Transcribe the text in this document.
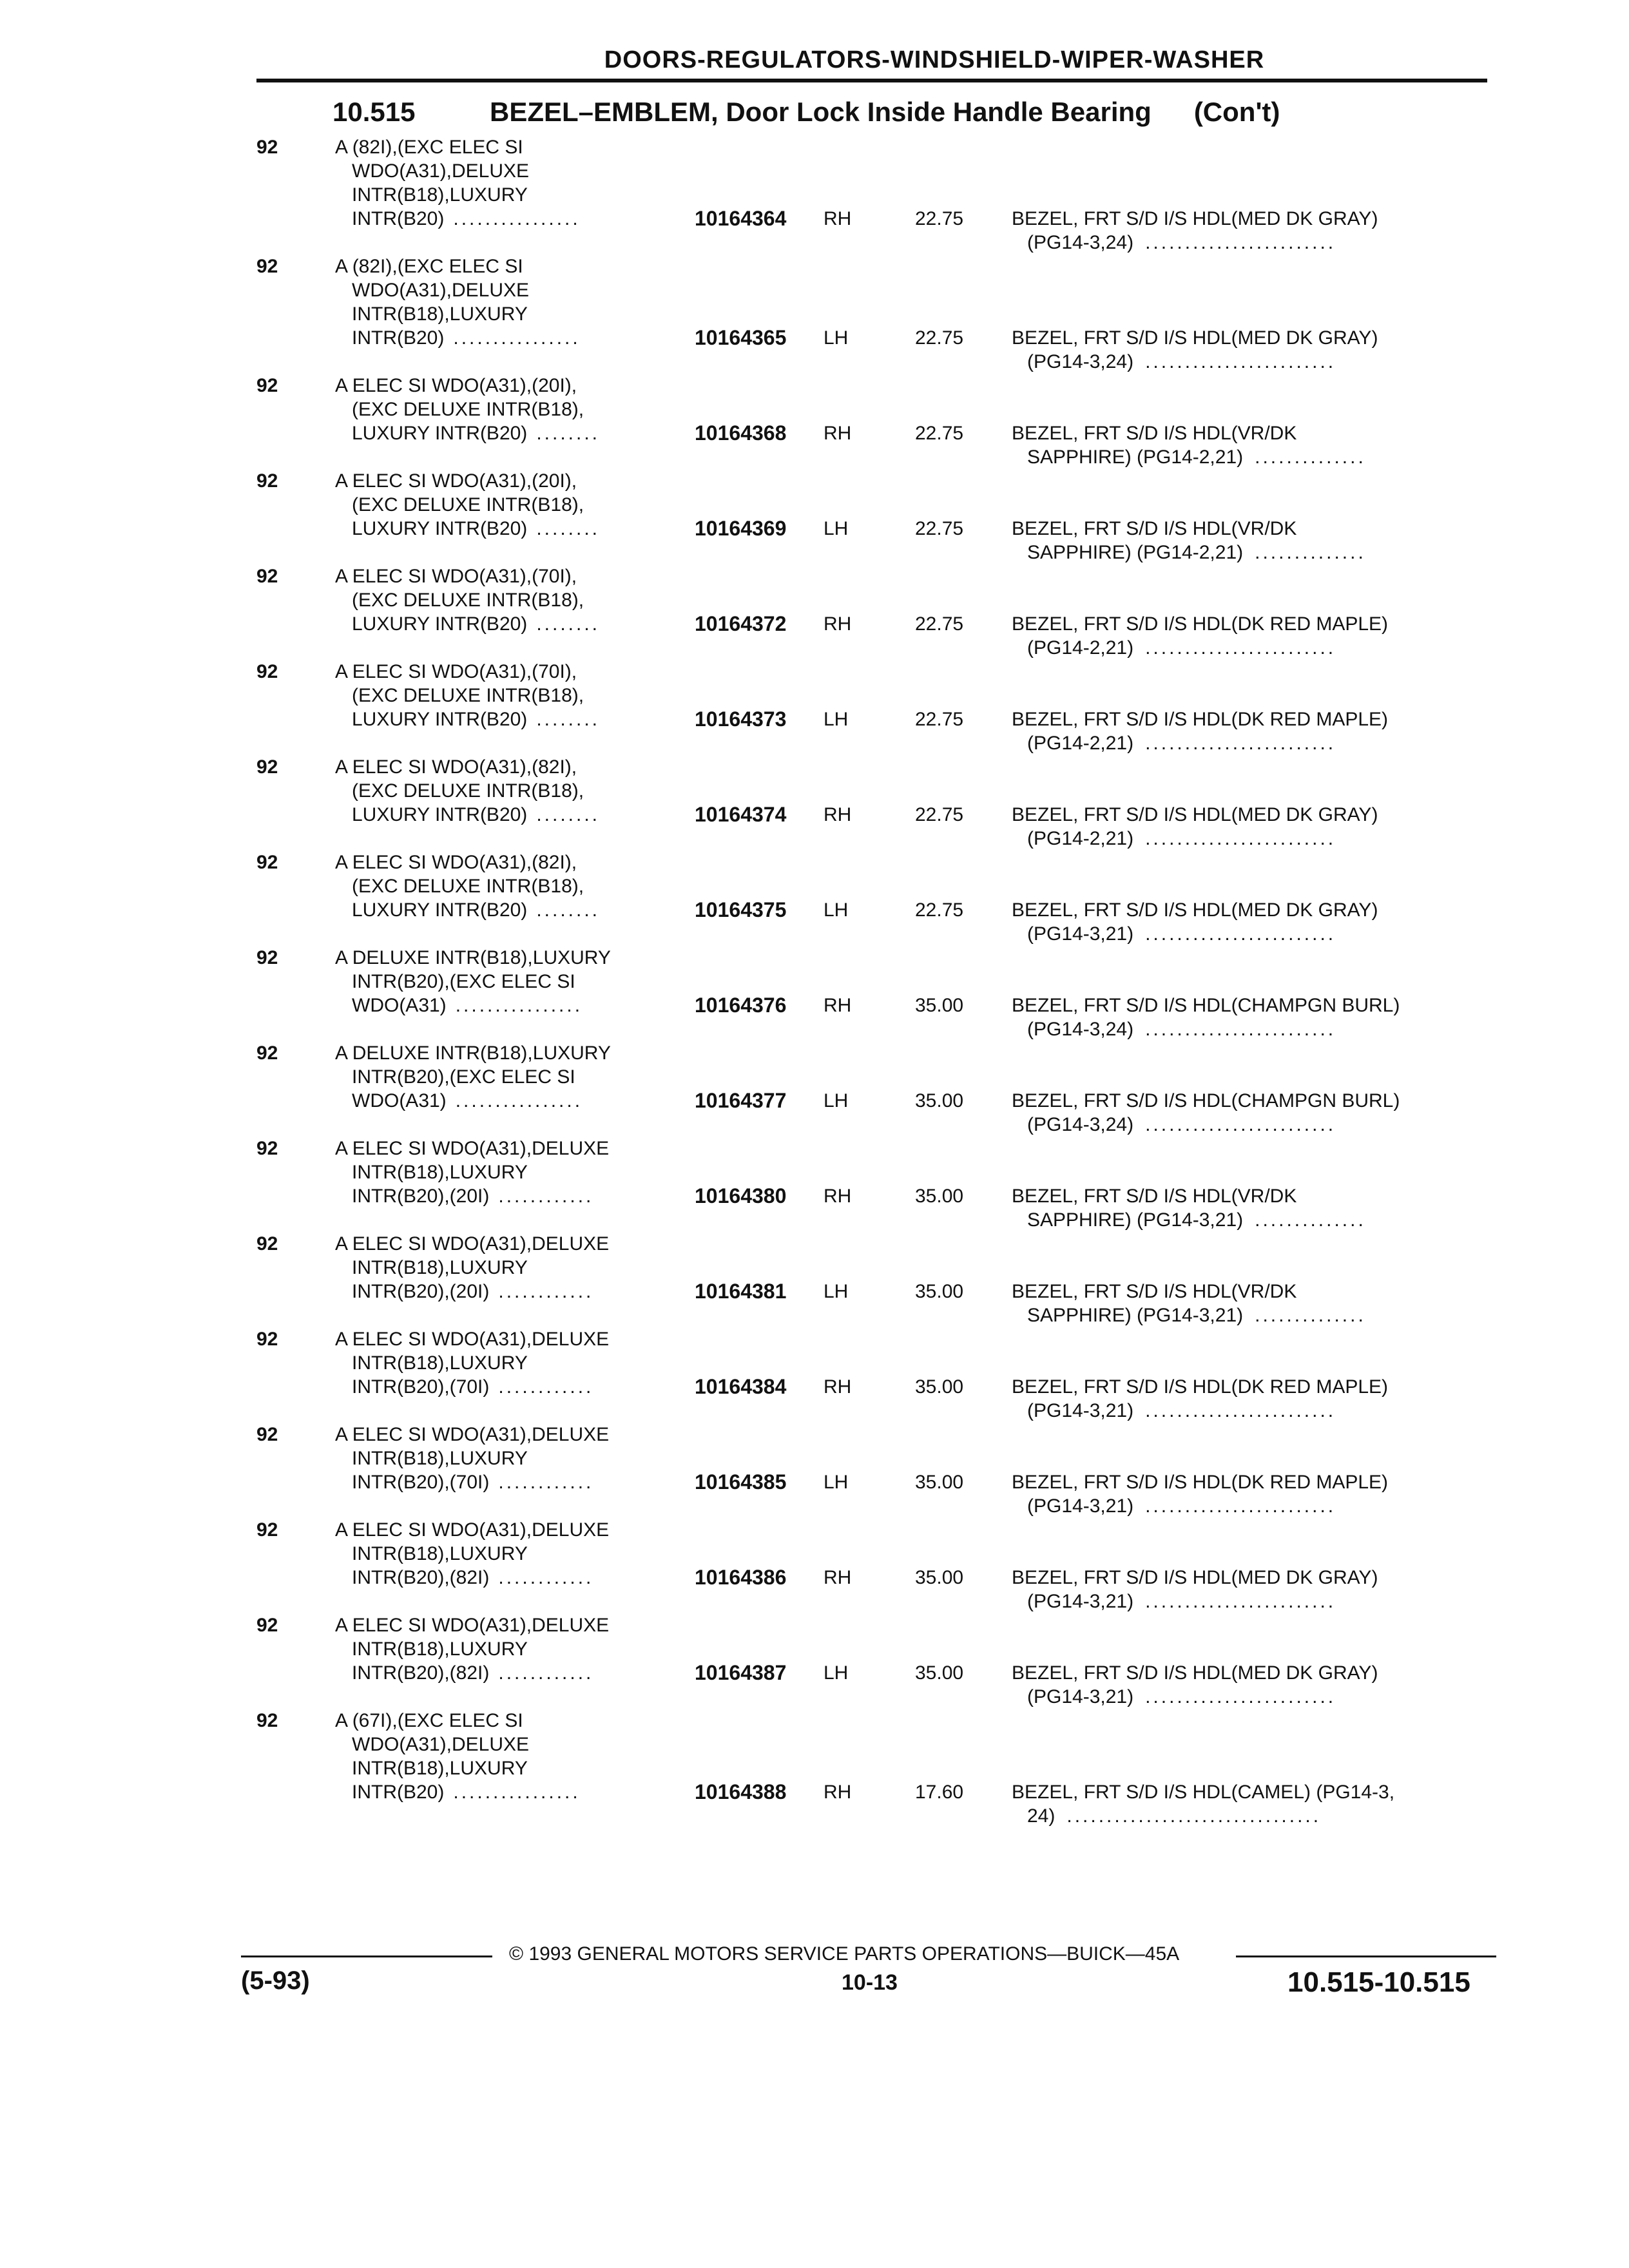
DOORS-REGULATORS-WINDSHIELD-WIPER-WASHER
10.515	BEZEL–EMBLEM, Door Lock Inside Handle Bearing (Con't)
92	A (82I),(EXC ELEC SI
WDO(A31),DELUXE
INTR(B18),LUXURY
INTR(B20) ................	10164364 RH	22.75 BEZEL, FRT S/D I/S HDL(MED DK GRAY)
(PG14-3,24) ........................
92	A (82I),(EXC ELEC SI
WDO(A31),DELUXE
INTR(B18),LUXURY
INTR(B20) ................	10164365 LH	22.75 BEZEL, FRT S/D I/S HDL(MED DK GRAY)
(PG14-3,24) ........................
92	A ELEC SI WDO(A31),(20I),
(EXC DELUXE INTR(B18),
LUXURY INTR(B20) ........	10164368 RH	22.75 BEZEL, FRT S/D I/S HDL(VR/DK
SAPPHIRE) (PG14-2,21) ..............
92	A ELEC SI WDO(A31),(20I),
(EXC DELUXE INTR(B18),
LUXURY INTR(B20) ........	10164369 LH	22.75 BEZEL, FRT S/D I/S HDL(VR/DK
SAPPHIRE) (PG14-2,21) ..............
92	A ELEC SI WDO(A31),(70I),
(EXC DELUXE INTR(B18),
LUXURY INTR(B20) ........	10164372 RH	22.75 BEZEL, FRT S/D I/S HDL(DK RED MAPLE)
(PG14-2,21) ........................
92	A ELEC SI WDO(A31),(70I),
(EXC DELUXE INTR(B18),
LUXURY INTR(B20) ........	10164373 LH	22.75 BEZEL, FRT S/D I/S HDL(DK RED MAPLE)
(PG14-2,21) ........................
92	A ELEC SI WDO(A31),(82I),
(EXC DELUXE INTR(B18),
LUXURY INTR(B20) ........	10164374 RH	22.75 BEZEL, FRT S/D I/S HDL(MED DK GRAY)
(PG14-2,21) ........................
92	A ELEC SI WDO(A31),(82I),
(EXC DELUXE INTR(B18),
LUXURY INTR(B20) ........	10164375 LH	22.75 BEZEL, FRT S/D I/S HDL(MED DK GRAY)
(PG14-3,21) ........................
92	A DELUXE INTR(B18),LUXURY
INTR(B20),(EXC ELEC SI
WDO(A31) ................	10164376 RH	35.00 BEZEL, FRT S/D I/S HDL(CHAMPGN BURL)
(PG14-3,24) ........................
92	A DELUXE INTR(B18),LUXURY
INTR(B20),(EXC ELEC SI
WDO(A31) ................	10164377 LH	35.00 BEZEL, FRT S/D I/S HDL(CHAMPGN BURL)
(PG14-3,24) ........................
92	A ELEC SI WDO(A31),DELUXE
INTR(B18),LUXURY
INTR(B20),(20I) ............	10164380 RH	35.00 BEZEL, FRT S/D I/S HDL(VR/DK
SAPPHIRE) (PG14-3,21) ..............
92	A ELEC SI WDO(A31),DELUXE
INTR(B18),LUXURY
INTR(B20),(20I) ............	10164381 LH	35.00 BEZEL, FRT S/D I/S HDL(VR/DK
SAPPHIRE) (PG14-3,21) ..............
92	A ELEC SI WDO(A31),DELUXE
INTR(B18),LUXURY
INTR(B20),(70I) ............	10164384 RH	35.00 BEZEL, FRT S/D I/S HDL(DK RED MAPLE)
(PG14-3,21) ........................
92	A ELEC SI WDO(A31),DELUXE
INTR(B18),LUXURY
INTR(B20),(70I) ............	10164385 LH	35.00 BEZEL, FRT S/D I/S HDL(DK RED MAPLE)
(PG14-3,21) ........................
92	A ELEC SI WDO(A31),DELUXE
INTR(B18),LUXURY
INTR(B20),(82I) ............	10164386 RH	35.00 BEZEL, FRT S/D I/S HDL(MED DK GRAY)
(PG14-3,21) ........................
92	A ELEC SI WDO(A31),DELUXE
INTR(B18),LUXURY
INTR(B20),(82I) ............	10164387 LH	35.00 BEZEL, FRT S/D I/S HDL(MED DK GRAY)
(PG14-3,21) ........................
92	A (67I),(EXC ELEC SI
WDO(A31),DELUXE
INTR(B18),LUXURY
INTR(B20) ................	10164388 RH	17.60 BEZEL, FRT S/D I/S HDL(CAMEL) (PG14-3,
24) ................................
© 1993 GENERAL MOTORS SERVICE PARTS OPERATIONS—BUICK—45A
(5-93)	10-13	10.515-10.515
